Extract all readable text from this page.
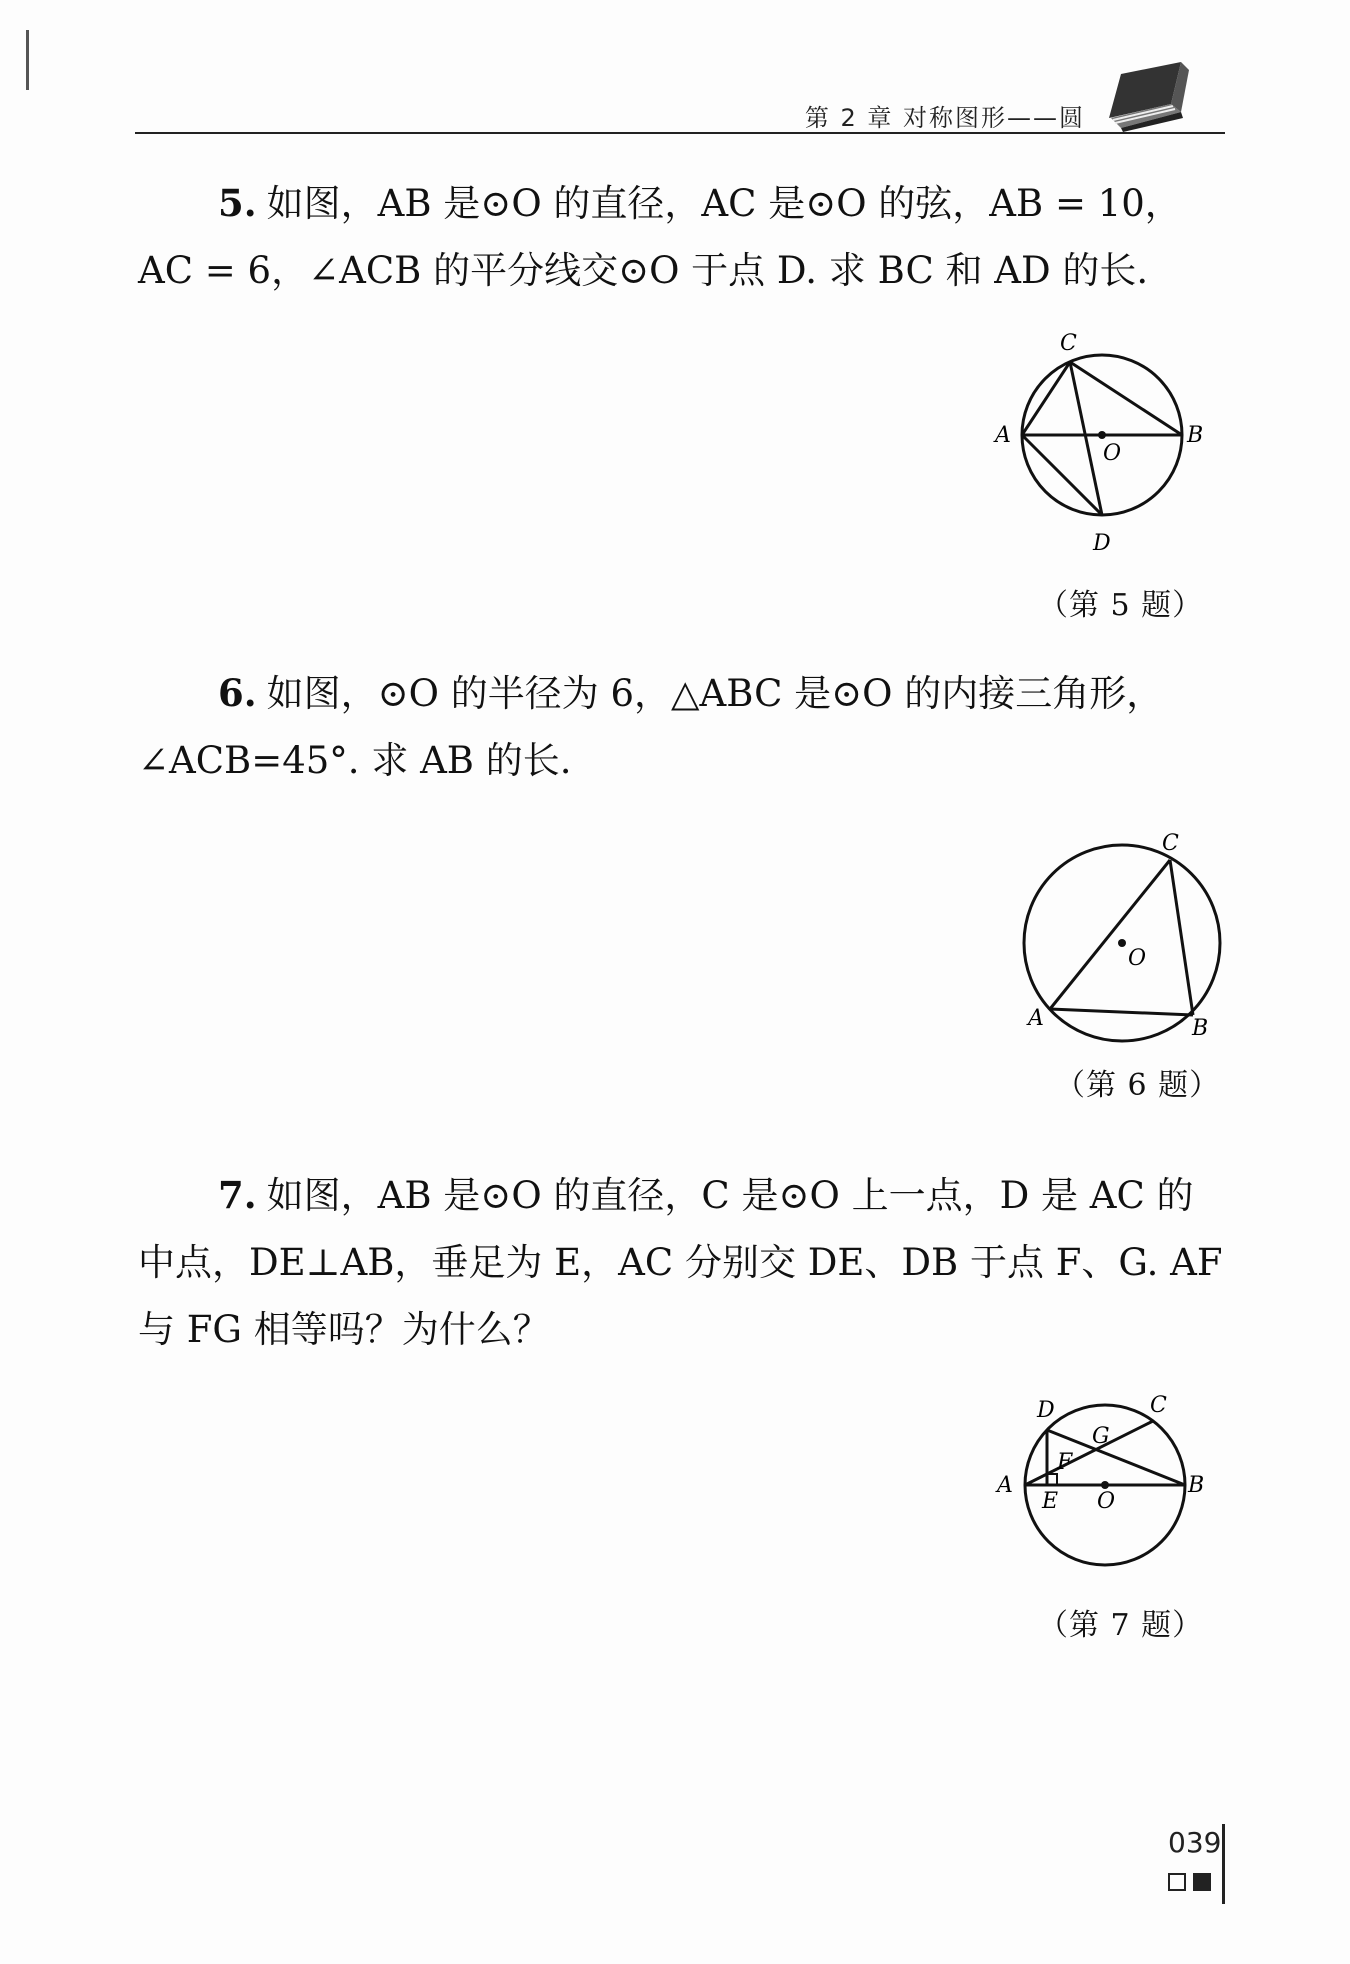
第 2 章 对称图形——圆
5. 如图，AB 是⊙O 的直径，AC 是⊙O 的弦，AB = 10，AC = 6，∠ACB 的平分线交⊙O 于点 D. 求 BC 和 AD 的长.
C
A	B
O
D
（第 5 题）
6. 如图，⊙O 的半径为 6，△ABC 是⊙O 的内接三角形，∠ACB=45°. 求 AB 的长.
C
O
A	B
（第 6 题）
7. 如图，AB 是⊙O 的直径，C 是⊙O 上一点，D 是 AC 的中点，DE⊥AB，垂足为 E，AC 分别交 DE、DB 于点 F、G. AF 与 FG 相等吗？为什么？
D	C
G
F
A	B
E O
（第 7 题）
039
